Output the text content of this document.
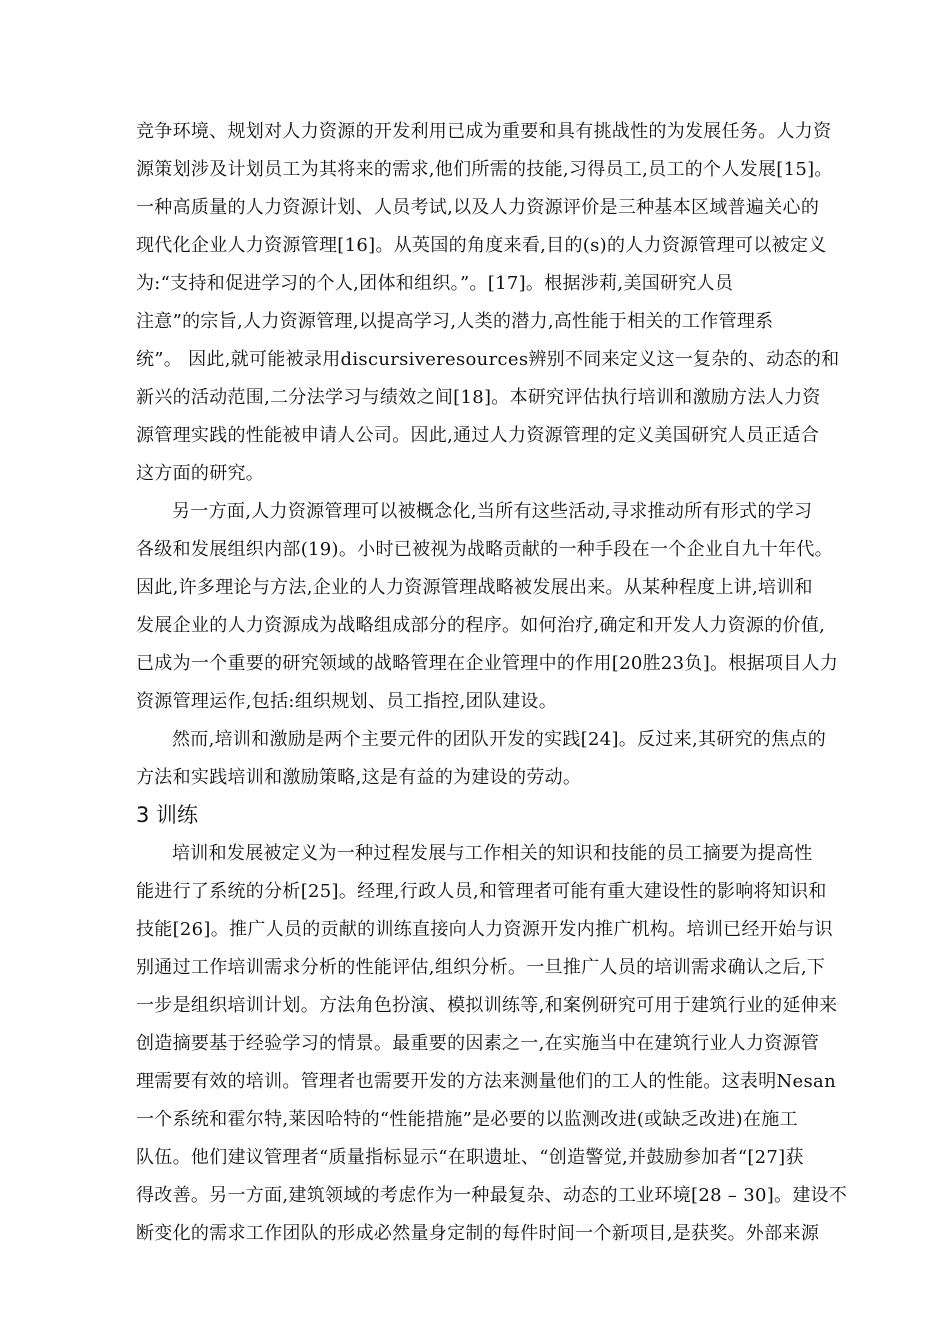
竞争环境、规划对人力资源的开发利用已成为重要和具有挑战性的为发展任务。人力资
源策划涉及计划员工为其将来的需求,他们所需的技能,习得员工,员工的个人发展[15]。
一种高质量的人力资源计划、人员考试,以及人力资源评价是三种基本区域普遍关心的
现代化企业人力资源管理[16]。从英国的角度来看,目的(s)的人力资源管理可以被定义
为:“支持和促进学习的个人,团体和组织。”。[17]。根据涉莉,美国研究人员
注意”的宗旨,人力资源管理,以提高学习,人类的潜力,高性能于相关的工作管理系
统”。 因此,就可能被录用discursiveresources辨别不同来定义这一复杂的、动态的和
新兴的活动范围,二分法学习与绩效之间[18]。本研究评估执行培训和激励方法人力资
源管理实践的性能被申请人公司。因此,通过人力资源管理的定义美国研究人员正适合
这方面的研究。
另一方面,人力资源管理可以被概念化,当所有这些活动,寻求推动所有形式的学习
各级和发展组织内部(19)。小时已被视为战略贡献的一种手段在一个企业自九十年代。
因此,许多理论与方法,企业的人力资源管理战略被发展出来。从某种程度上讲,培训和
发展企业的人力资源成为战略组成部分的程序。如何治疗,确定和开发人力资源的价值,
已成为一个重要的研究领域的战略管理在企业管理中的作用[20胜23负]。根据项目人力
资源管理运作,包括:组织规划、员工指控,团队建设。
然而,培训和激励是两个主要元件的团队开发的实践[24]。反过来,其研究的焦点的
方法和实践培训和激励策略,这是有益的为建设的劳动。
3 训练
培训和发展被定义为一种过程发展与工作相关的知识和技能的员工摘要为提高性
能进行了系统的分析[25]。经理,行政人员,和管理者可能有重大建设性的影响将知识和
技能[26]。推广人员的贡献的训练直接向人力资源开发内推广机构。培训已经开始与识
别通过工作培训需求分析的性能评估,组织分析。一旦推广人员的培训需求确认之后,下
一步是组织培训计划。方法角色扮演、模拟训练等,和案例研究可用于建筑行业的延伸来
创造摘要基于经验学习的情景。最重要的因素之一,在实施当中在建筑行业人力资源管
理需要有效的培训。管理者也需要开发的方法来测量他们的工人的性能。这表明Nesan
一个系统和霍尔特,莱因哈特的“性能措施”是必要的以监测改进(或缺乏改进)在施工
队伍。他们建议管理者“质量指标显示“在职遗址、“创造警觉,并鼓励参加者“[27]获
得改善。另一方面,建筑领域的考虑作为一种最复杂、动态的工业环境[28 – 30]。建设不
断变化的需求工作团队的形成必然量身定制的每件时间一个新项目,是获奖。外部来源
